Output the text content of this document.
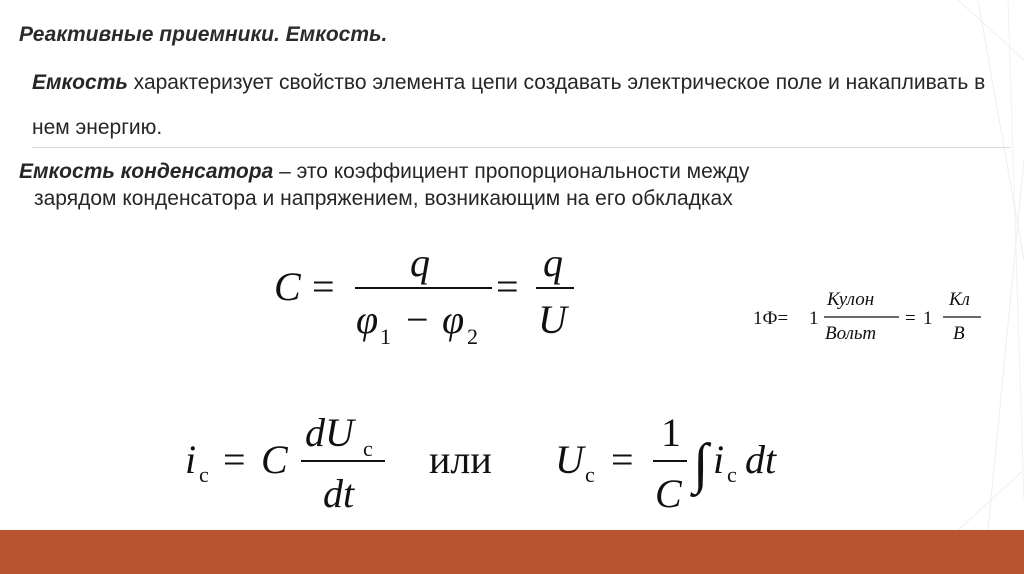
Реактивные приемники. Емкость.
Емкость характеризует свойство элемента цепи создавать электрическое поле и накапливать в нем энергию.
Емкость конденсатора – это коэффициент пропорциональности между
зарядом конденсатора и напряжением, возникающим на его обкладках
C =
q
φ 1 − φ 2
=
q
U	1Ф= 1
Кулон
Вольт
= 1
Кл
В
i с = C
dU с
dt
или U с =
1
C ∫ i с dt
